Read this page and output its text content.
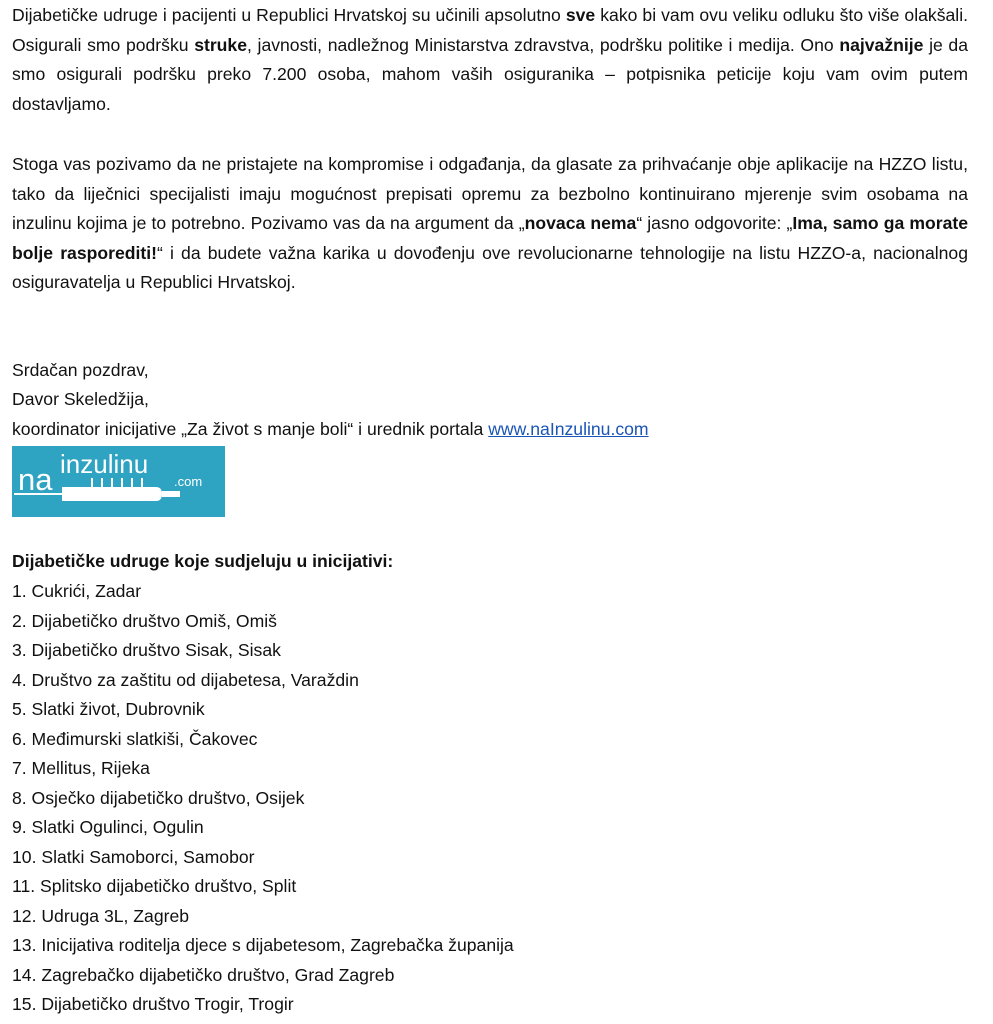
Dijabetičke udruge i pacijenti u Republici Hrvatskoj su učinili apsolutno sve kako bi vam ovu veliku odluku što više olakšali. Osigurali smo podršku struke, javnosti, nadležnog Ministarstva zdravstva, podršku politike i medija. Ono najvažnije je da smo osigurali podršku preko 7.200 osoba, mahom vaših osiguranika – potpisnika peticije koju vam ovim putem dostavljamo.

Stoga vas pozivamo da ne pristajete na kompromise i odgađanja, da glasate za prihvaćanje obje aplikacije na HZZO listu, tako da liječnici specijalisti imaju mogućnost prepisati opremu za bezbolno kontinuirano mjerenje svim osobama na inzulinu kojima je to potrebno. Pozivamo vas da na argument da „novaca nema“ jasno odgovorite: „Ima, samo ga morate bolje rasporediti!“ i da budete važna karika u dovođenju ove revolucionarne tehnologije na listu HZZO-a, nacionalnog osiguravatelja u Republici Hrvatskoj.

Srdačan pozdrav,
Davor Skeledžija,
koordinator inicijative „Za život s manje boli“ i urednik portala www.naInzulinu.com
na inzulinu
.com
Dijabetičke udruge koje sudjeluju u inicijativi:
1. Cukrići, Zadar
2. Dijabetičko društvo Omiš, Omiš
3. Dijabetičko društvo Sisak, Sisak
4. Društvo za zaštitu od dijabetesa, Varaždin
5. Slatki život, Dubrovnik
6. Međimurski slatkiši, Čakovec
7. Mellitus, Rijeka
8. Osječko dijabetičko društvo, Osijek
9. Slatki Ogulinci, Ogulin
10. Slatki Samoborci, Samobor
11. Splitsko dijabetičko društvo, Split
12. Udruga 3L, Zagreb
13. Inicijativa roditelja djece s dijabetesom, Zagrebačka županija
14. Zagrebačko dijabetičko društvo, Grad Zagreb
15. Dijabetičko društvo Trogir, Trogir
